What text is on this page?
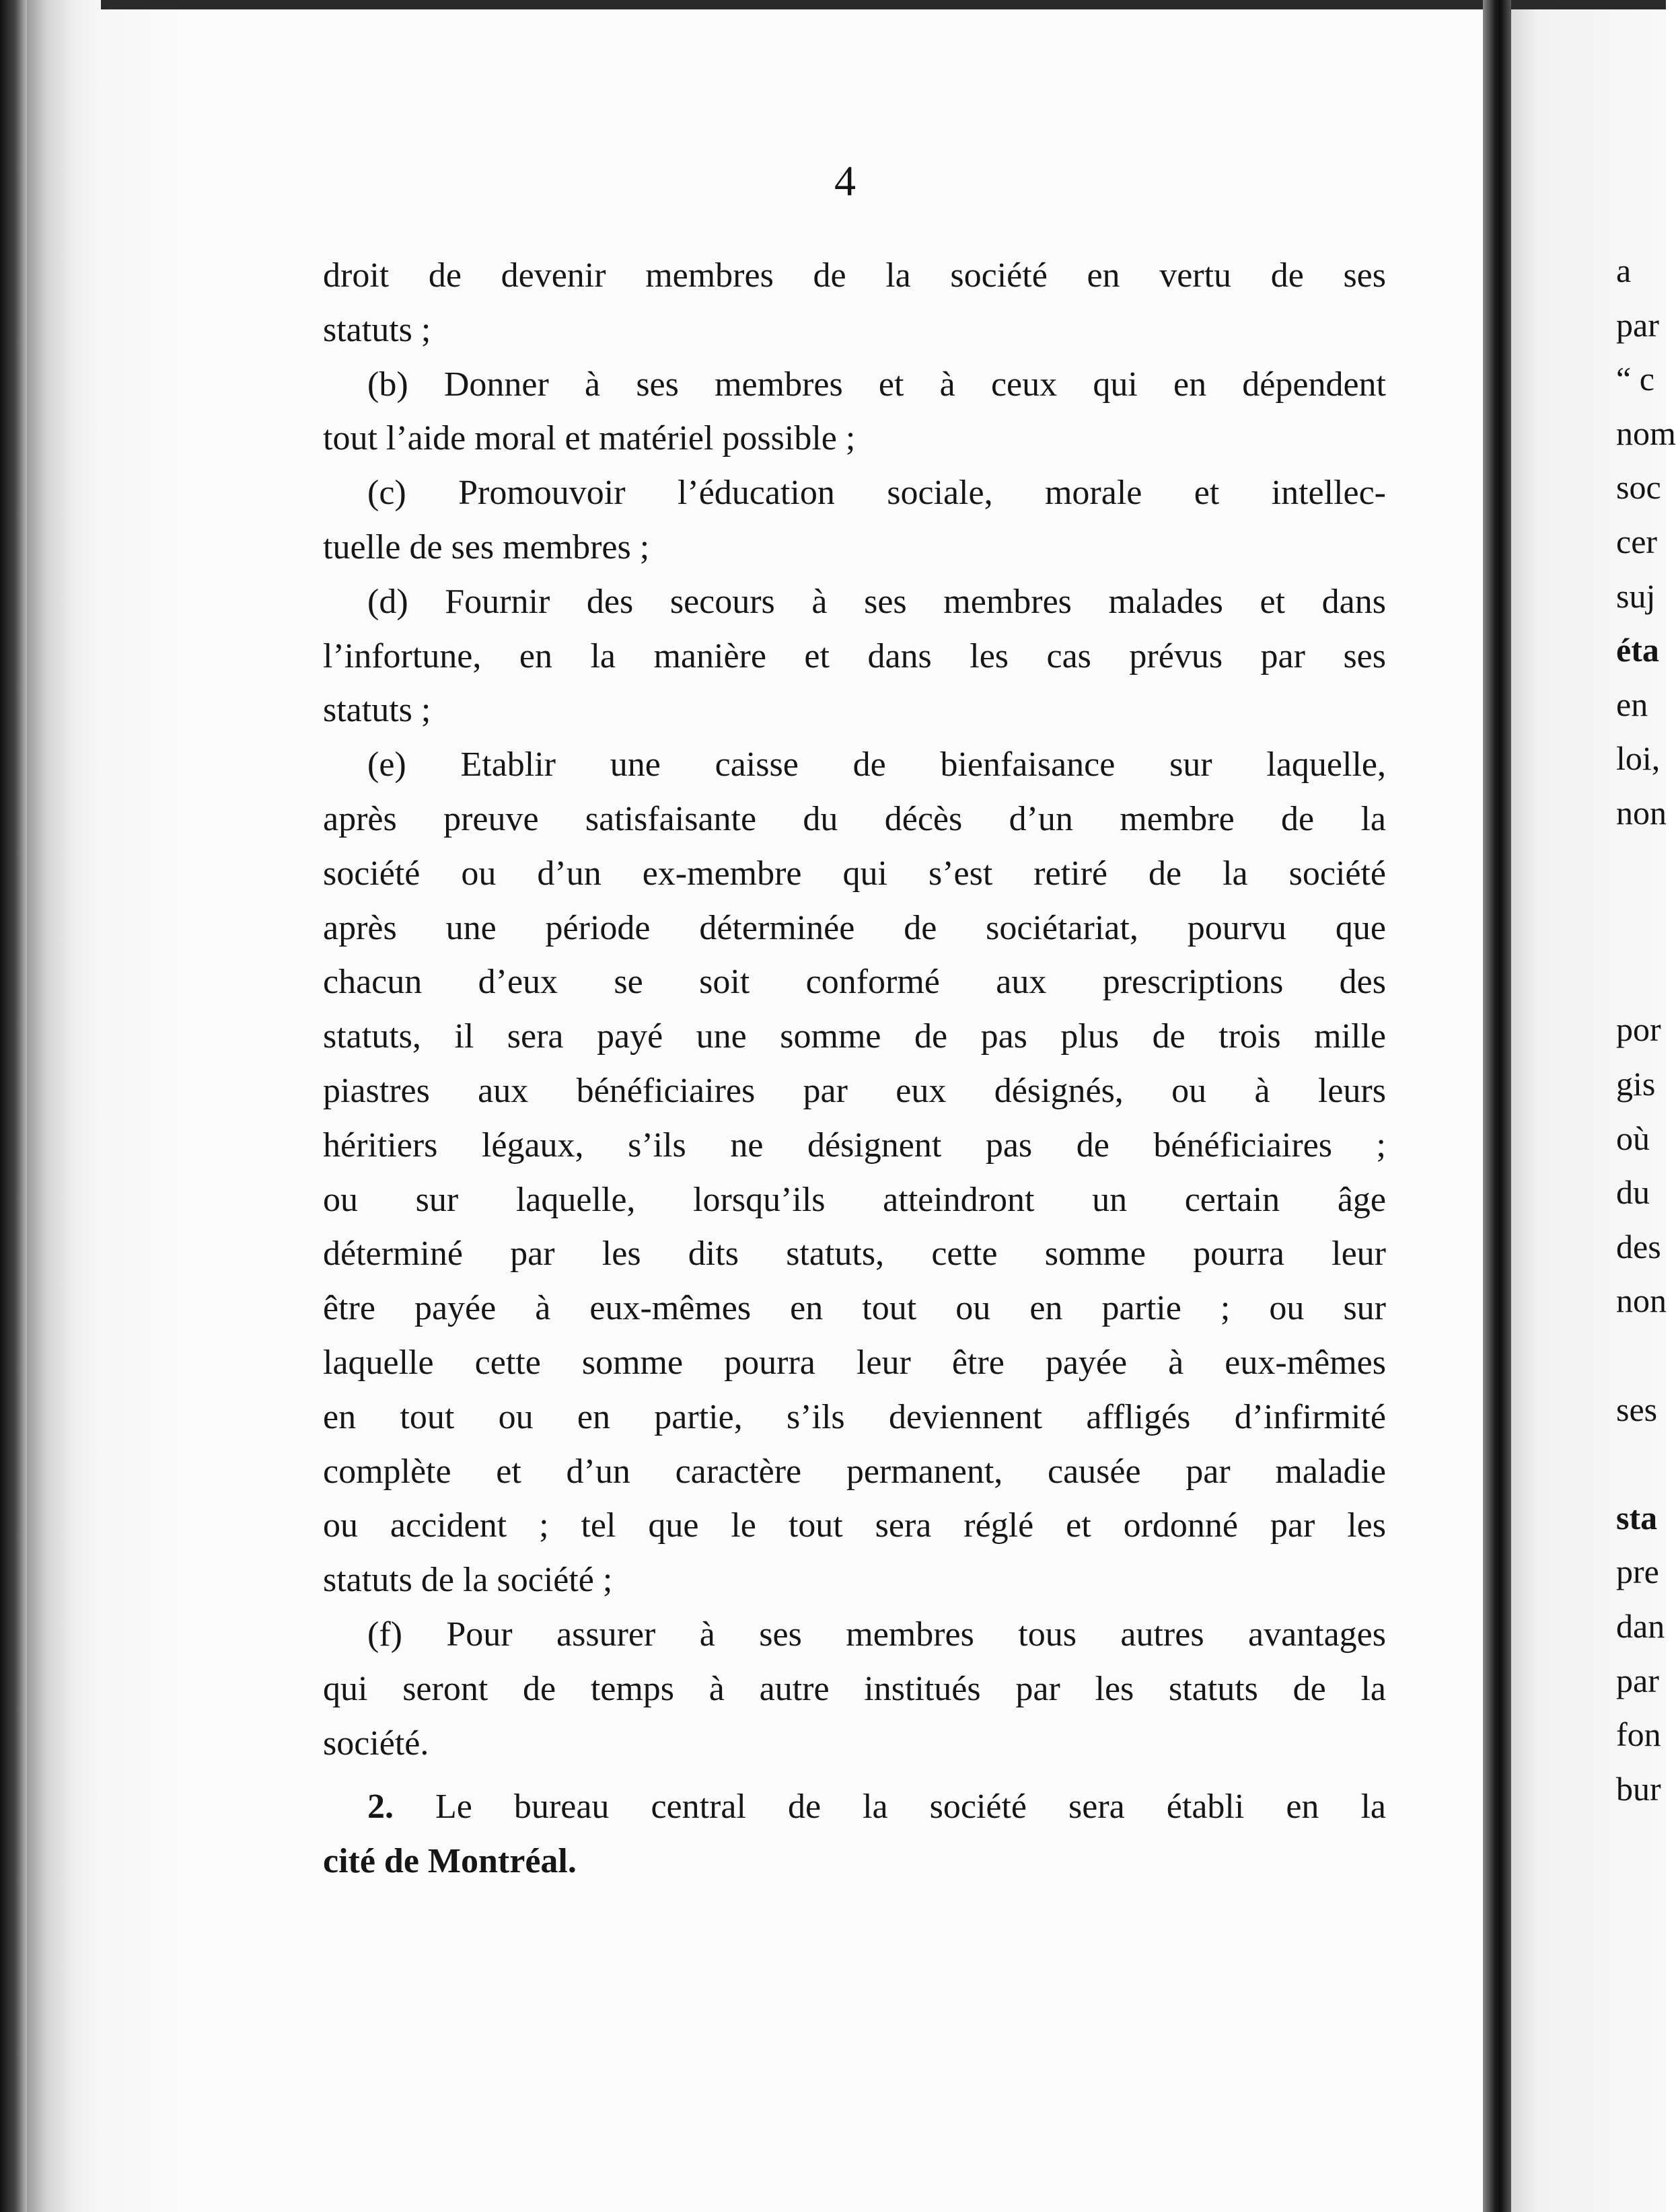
4
droit de devenir membres de la société en vertu de ses
statuts ;
(b) Donner à ses membres et à ceux qui en dépendent
tout l’aide moral et matériel possible ;
(c) Promouvoir l’éducation sociale, morale et intellec-
tuelle de ses membres ;
(d) Fournir des secours à ses membres malades et dans
l’infortune, en la manière et dans les cas prévus par ses
statuts ;
(e) Etablir une caisse de bienfaisance sur laquelle,
après preuve satisfaisante du décès d’un membre de la
société ou d’un ex-membre qui s’est retiré de la société
après une période déterminée de sociétariat, pourvu que
chacun d’eux se soit conformé aux prescriptions des
statuts, il sera payé une somme de pas plus de trois mille
piastres aux bénéficiaires par eux désignés, ou à leurs
héritiers légaux, s’ils ne désignent pas de bénéficiaires ;
ou sur laquelle, lorsqu’ils atteindront un certain âge
déterminé par les dits statuts, cette somme pourra leur
être payée à eux-mêmes en tout ou en partie ; ou sur
laquelle cette somme pourra leur être payée à eux-mêmes
en tout ou en partie, s’ils deviennent affligés d’infirmité
complète et d’un caractère permanent, causée par maladie
ou accident ; tel que le tout sera réglé et ordonné par les
statuts de la société ;
(f) Pour assurer à ses membres tous autres avantages
qui seront de temps à autre institués par les statuts de la
société.
2. Le bureau central de la société sera établi en la
cité de Montréal.
a
par
“ c
nom
soc
cer
suj
éta
en
loi,
non
por
gis
où
du
des
non
ses
sta
pre
dan
par
fon
bur
